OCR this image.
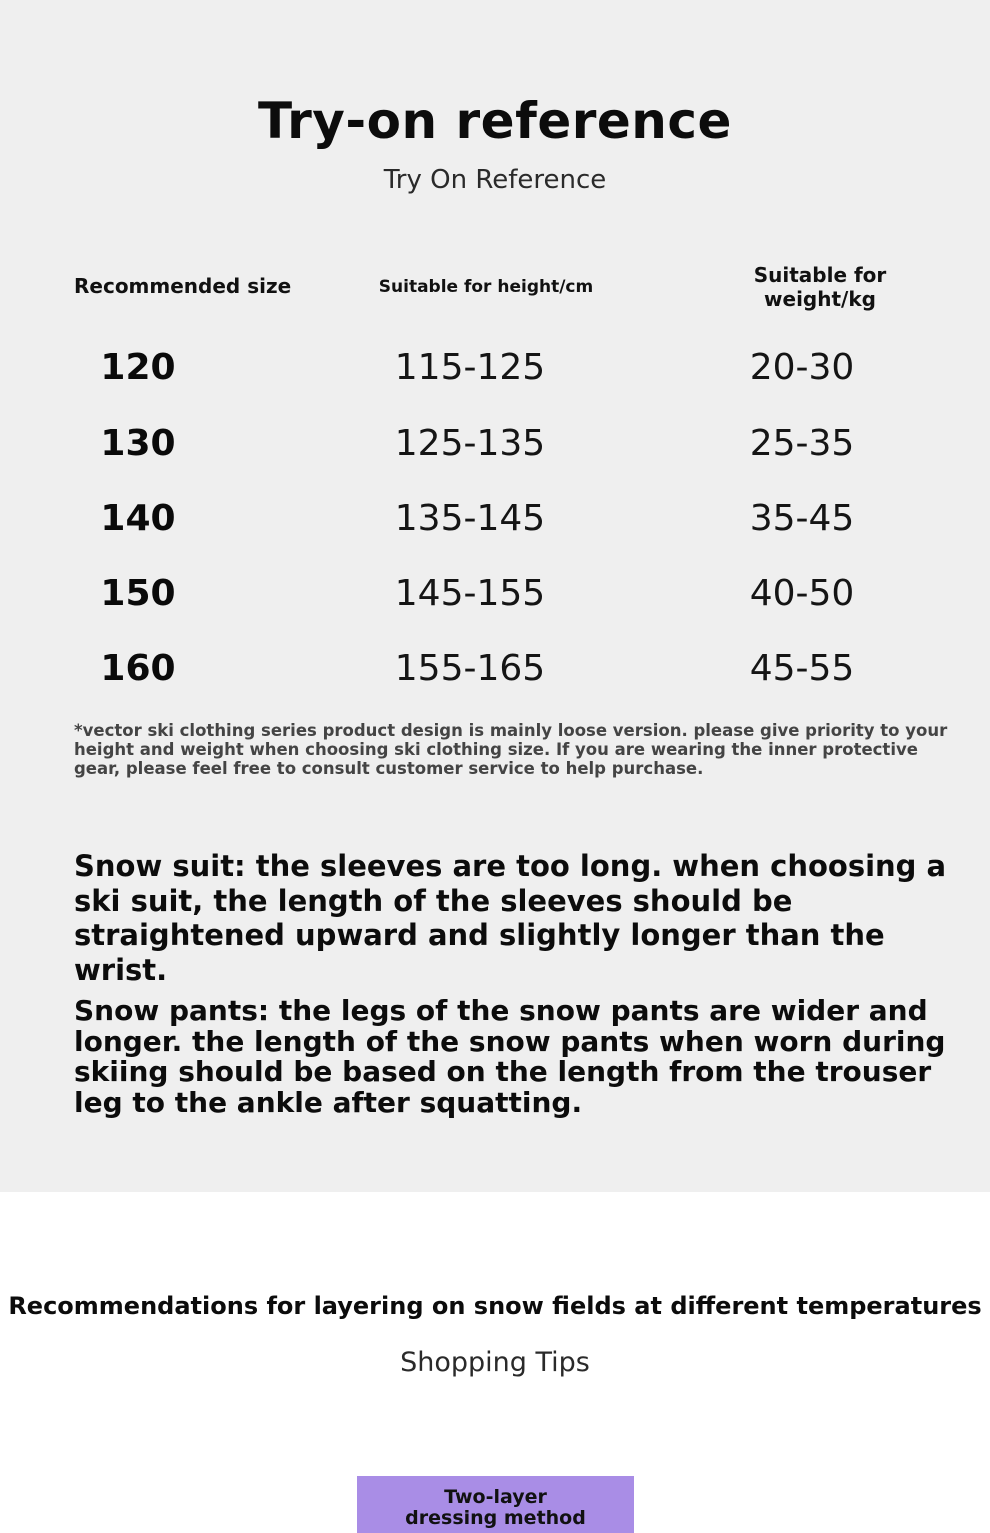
Try-on reference
Try On Reference
Recommended size	Suitable for height/cm	Suitable for weight/kg
120	115-125	20-30
130	125-135	25-35
140	135-145	35-45
150	145-155	40-50
160	155-165	45-55
*vector ski clothing series product design is mainly loose version. please give priority to your height and weight when choosing ski clothing size. If you are wearing the inner protective gear, please feel free to consult customer service to help purchase.
Snow suit: the sleeves are too long. when choosing a ski suit, the length of the sleeves should be straightened upward and slightly longer than the wrist.
Snow pants: the legs of the snow pants are wider and longer. the length of the snow pants when worn during skiing should be based on the length from the trouser leg to the ankle after squatting.
Recommendations for layering on snow fields at different temperatures
Shopping Tips
Two-layer dressing method
